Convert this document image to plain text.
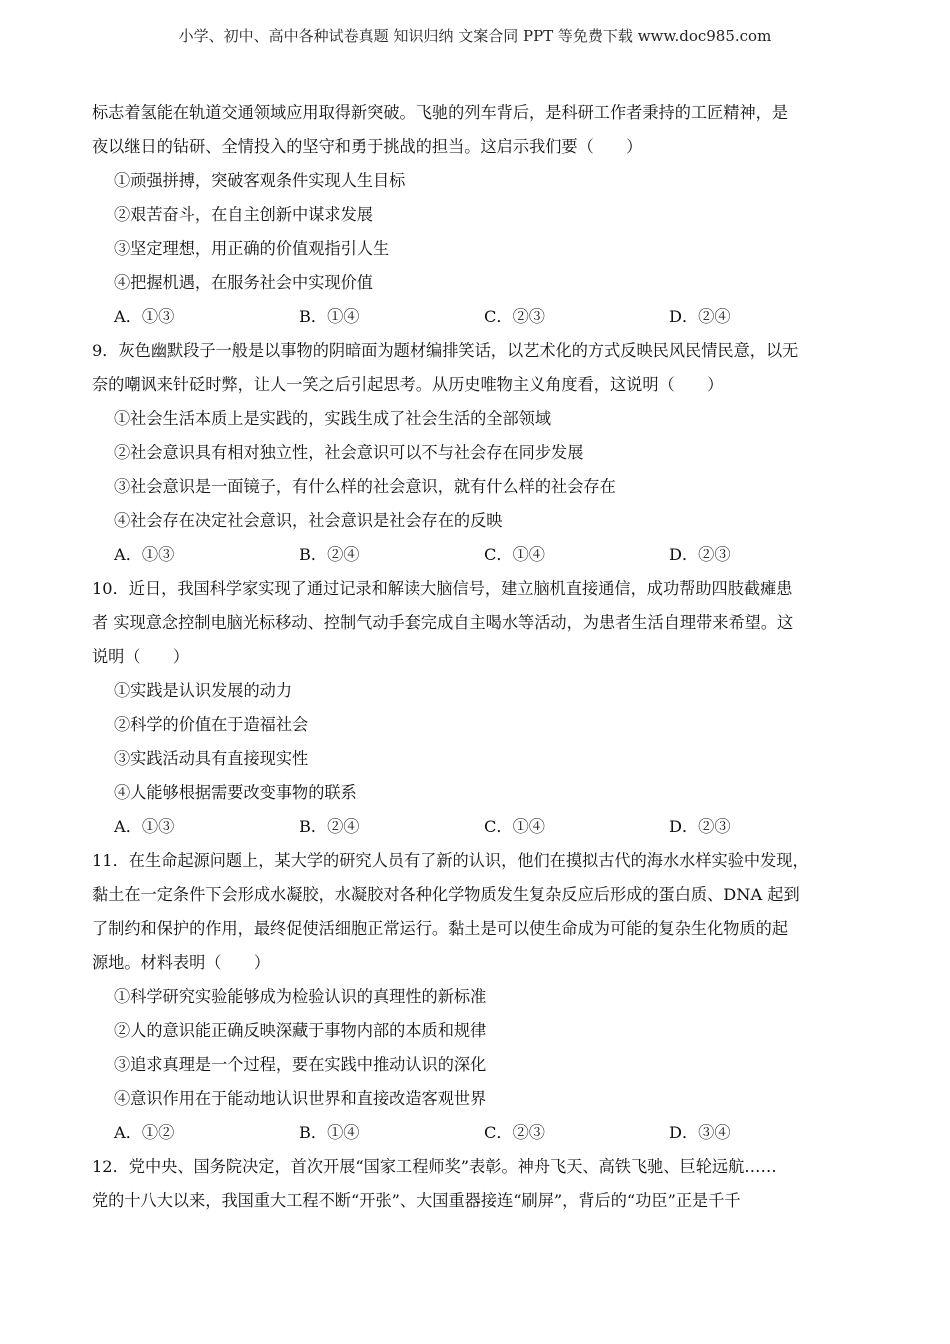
小学、初中、高中各种试卷真题 知识归纳 文案合同 PPT 等免费下载 www.doc985.com
标志着氢能在轨道交通领域应用取得新突破。飞驰的列车背后，是科研工作者秉持的工匠精神，是
夜以继日的钻研、全情投入的坚守和勇于挑战的担当。这启示我们要（　　）
①顽强拼搏，突破客观条件实现人生目标
②艰苦奋斗，在自主创新中谋求发展
③坚定理想，用正确的价值观指引人生
④把握机遇，在服务社会中实现价值
A．①③	B．①④	C．②③	D．②④
9．灰色幽默段子一般是以事物的阴暗面为题材编排笑话，以艺术化的方式反映民风民情民意，以无
奈的嘲讽来针砭时弊，让人一笑之后引起思考。从历史唯物主义角度看，这说明（　　）
①社会生活本质上是实践的，实践生成了社会生活的全部领域
②社会意识具有相对独立性，社会意识可以不与社会存在同步发展
③社会意识是一面镜子，有什么样的社会意识，就有什么样的社会存在
④社会存在决定社会意识，社会意识是社会存在的反映
A．①③	B．②④	C．①④	D．②③
10．近日，我国科学家实现了通过记录和解读大脑信号，建立脑机直接通信，成功帮助四肢截瘫患
者 实现意念控制电脑光标移动、控制气动手套完成自主喝水等活动，为患者生活自理带来希望。这
说明（　　）
①实践是认识发展的动力
②科学的价值在于造福社会
③实践活动具有直接现实性
④人能够根据需要改变事物的联系
A．①③	B．②④	C．①④	D．②③
11．在生命起源问题上，某大学的研究人员有了新的认识，他们在摸拟古代的海水水样实验中发现，
黏土在一定条件下会形成水凝胶，水凝胶对各种化学物质发生复杂反应后形成的蛋白质、DNA 起到
了制约和保护的作用，最终促使活细胞正常运行。黏土是可以使生命成为可能的复杂生化物质的起
源地。材料表明（　　）
①科学研究实验能够成为检验认识的真理性的新标准
②人的意识能正确反映深藏于事物内部的本质和规律
③追求真理是一个过程，要在实践中推动认识的深化
④意识作用在于能动地认识世界和直接改造客观世界
A．①②	B．①④	C．②③	D．③④
12．党中央、国务院决定，首次开展“国家工程师奖”表彰。神舟飞天、高铁飞驰、巨轮远航……
党的十八大以来，我国重大工程不断“开张”、大国重器接连“刷屏”，背后的“功臣”正是千千
